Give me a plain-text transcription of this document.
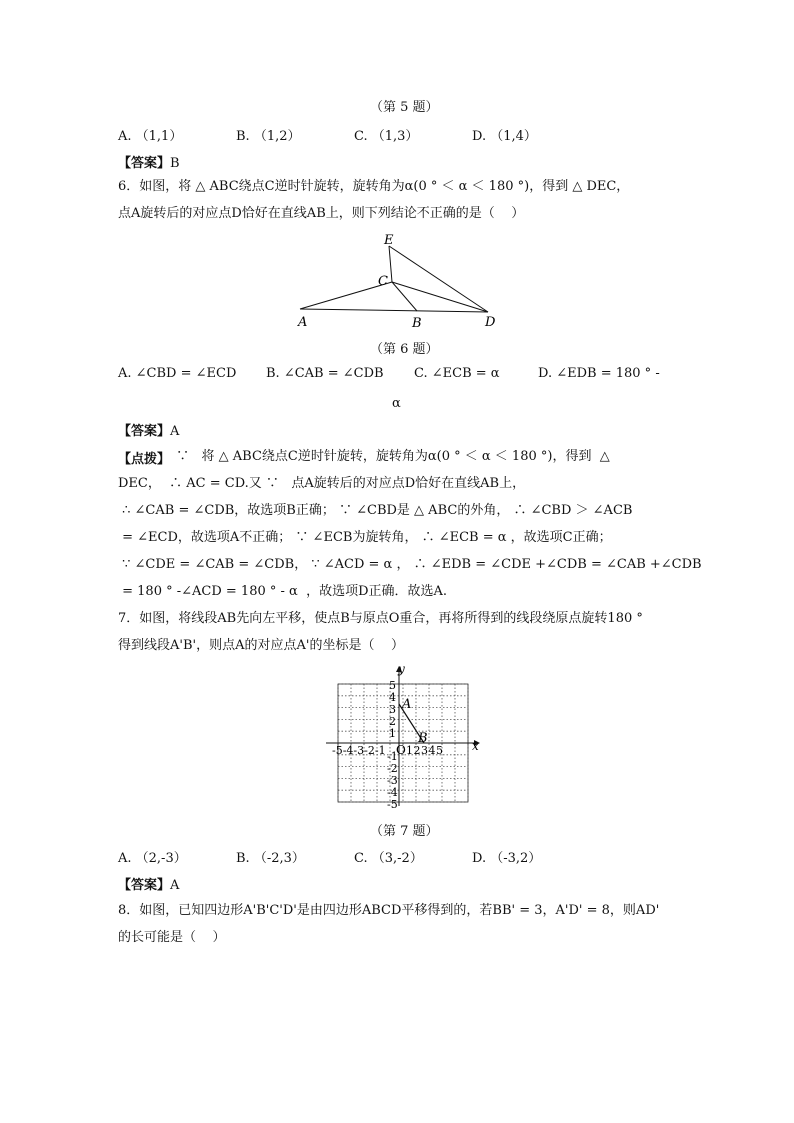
（第 5 题）
A. （1,1）	B. （1,2）	C. （1,3）	D. （1,4）
【答案】B
6．如图，将 △ ABC绕点C逆时针旋转，旋转角为α(0 ° ＜ α ＜ 180 °)，得到 △ DEC，
点A旋转后的对应点D恰好在直线AB上，则下列结论不正确的是（    ）
E
C
A	B	D
（第 6 题）
A. ∠CBD = ∠ECD B. ∠CAB = ∠CDB C. ∠ECB = α	D. ∠EDB = 180 ° -
α
【答案】A
【点拨】 ∵   将 △ ABC绕点C逆时针旋转，旋转角为α(0 ° ＜ α ＜ 180 °)，得到  △
DEC，  ∴ AC = CD.又 ∵   点A旋转后的对应点D恰好在直线AB上，
∴ ∠CAB = ∠CDB，故选项B正确； ∵ ∠CBD是 △ ABC的外角， ∴ ∠CBD ＞ ∠ACB
= ∠ECD，故选项A不正确； ∵ ∠ECB为旋转角， ∴ ∠ECB = α ，故选项C正确；
∵ ∠CDE = ∠CAB = ∠CDB， ∵ ∠ACD = α ， ∴ ∠EDB = ∠CDE +∠CDB = ∠CAB +∠CDB
= 180 ° -∠ACD = 180 ° - α  ，故选项D正确．故选A.
7．如图，将线段AB先向左平移，使点B与原点O重合，再将所得到的线段绕原点旋转180 °
得到线段A'B'，则点A的对应点A'的坐标是（    ）
x
y
O
A
B
-5-4-3-2-1 1 2 3 4 5
5
4
3
2
1
-1
-2
-3
-4
-5
（第 7 题）
A. （2,-3）	B. （-2,3）	C. （3,-2）	D. （-3,2）
【答案】A
8．如图，已知四边形A'B'C'D'是由四边形ABCD平移得到的，若BB' = 3，A'D' = 8，则AD'
的长可能是（    ）
